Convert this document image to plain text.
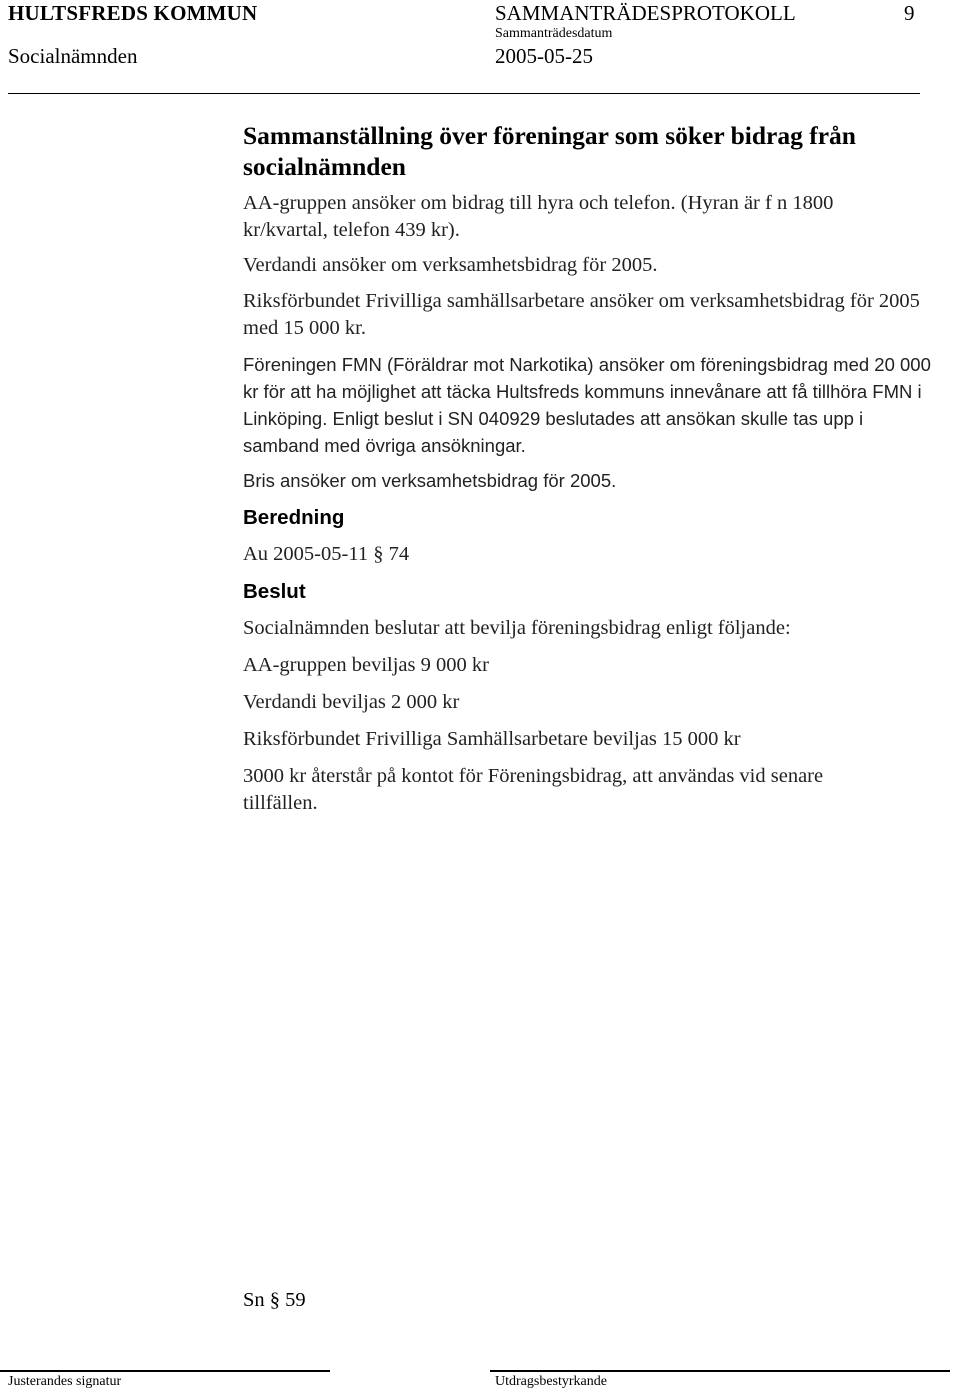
HULTSFREDS KOMMUN	SAMMANTRÄDESPROTOKOLL	9
Sammanträdesdatum
Socialnämnden	2005-05-25

Sammanställning över föreningar som söker bidrag från socialnämnden

AA-gruppen ansöker om bidrag till hyra och telefon. (Hyran är f n 1800 kr/kvartal, telefon 439 kr).

Verdandi ansöker om verksamhetsbidrag för 2005.

Riksförbundet Frivilliga samhällsarbetare ansöker om verksamhetsbidrag för 2005 med 15 000 kr.

Föreningen FMN (Föräldrar mot Narkotika) ansöker om föreningsbidrag med 20 000 kr för att ha möjlighet att täcka Hultsfreds kommuns innevånare att få tillhöra FMN i Linköping. Enligt beslut i SN 040929 beslutades att ansökan skulle tas upp i samband med övriga ansökningar.

Bris ansöker om verksamhetsbidrag för 2005.

Beredning

Au 2005-05-11 § 74

Beslut

Socialnämnden beslutar att bevilja föreningsbidrag enligt följande:

AA-gruppen beviljas 9 000 kr

Verdandi beviljas 2 000 kr

Riksförbundet Frivilliga Samhällsarbetare beviljas 15 000 kr

3000 kr återstår på kontot för Föreningsbidrag, att användas vid senare tillfällen.

Sn § 59
Justerandes signatur	Utdragsbestyrkande
